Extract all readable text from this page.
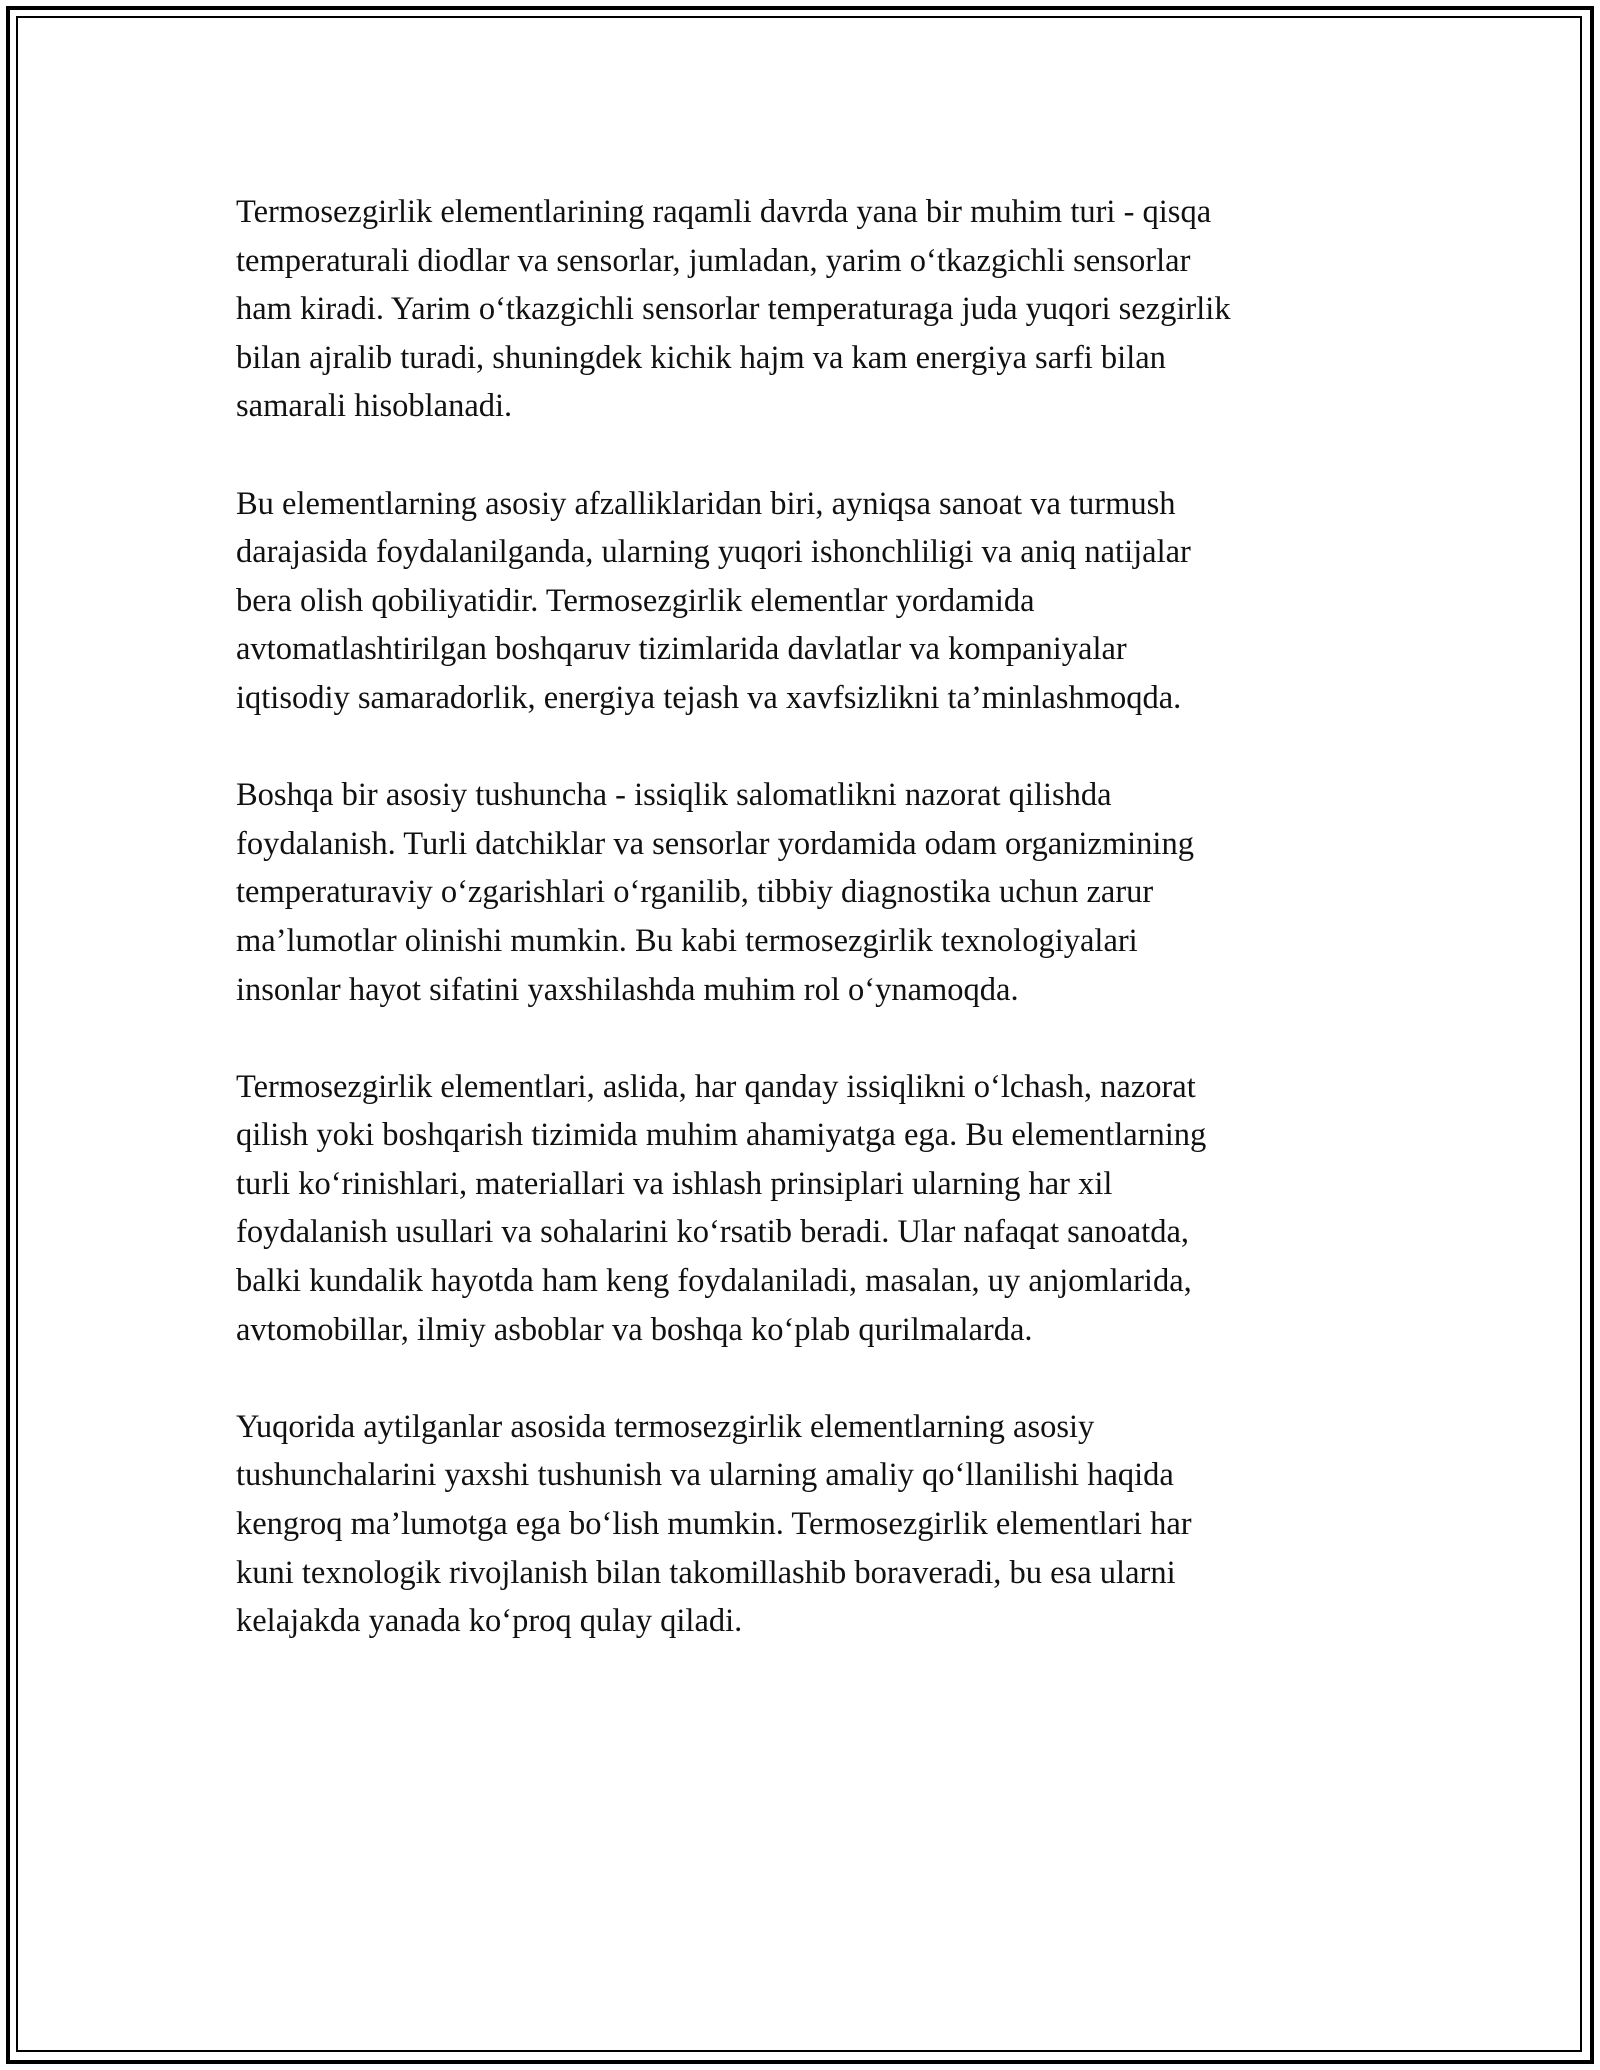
Termosezgirlik elementlarining raqamli davrda yana bir muhim turi - qisqa
temperaturali diodlar va sensorlar, jumladan, yarim o‘tkazgichli sensorlar
ham kiradi. Yarim o‘tkazgichli sensorlar temperaturaga juda yuqori sezgirlik
bilan ajralib turadi, shuningdek kichik hajm va kam energiya sarfi bilan
samarali hisoblanadi.

Bu elementlarning asosiy afzalliklaridan biri, ayniqsa sanoat va turmush
darajasida foydalanilganda, ularning yuqori ishonchliligi va aniq natijalar
bera olish qobiliyatidir. Termosezgirlik elementlar yordamida
avtomatlashtirilgan boshqaruv tizimlarida davlatlar va kompaniyalar
iqtisodiy samaradorlik, energiya tejash va xavfsizlikni ta’minlashmoqda.

Boshqa bir asosiy tushuncha - issiqlik salomatlikni nazorat qilishda
foydalanish. Turli datchiklar va sensorlar yordamida odam organizmining
temperaturaviy o‘zgarishlari o‘rganilib, tibbiy diagnostika uchun zarur
ma’lumotlar olinishi mumkin. Bu kabi termosezgirlik texnologiyalari
insonlar hayot sifatini yaxshilashda muhim rol o‘ynamoqda.

Termosezgirlik elementlari, aslida, har qanday issiqlikni o‘lchash, nazorat
qilish yoki boshqarish tizimida muhim ahamiyatga ega. Bu elementlarning
turli ko‘rinishlari, materiallari va ishlash prinsiplari ularning har xil
foydalanish usullari va sohalarini ko‘rsatib beradi. Ular nafaqat sanoatda,
balki kundalik hayotda ham keng foydalaniladi, masalan, uy anjomlarida,
avtomobillar, ilmiy asboblar va boshqa ko‘plab qurilmalarda.

Yuqorida aytilganlar asosida termosezgirlik elementlarning asosiy
tushunchalarini yaxshi tushunish va ularning amaliy qo‘llanilishi haqida
kengroq ma’lumotga ega bo‘lish mumkin. Termosezgirlik elementlari har
kuni texnologik rivojlanish bilan takomillashib boraveradi, bu esa ularni
kelajakda yanada ko‘proq qulay qiladi.
